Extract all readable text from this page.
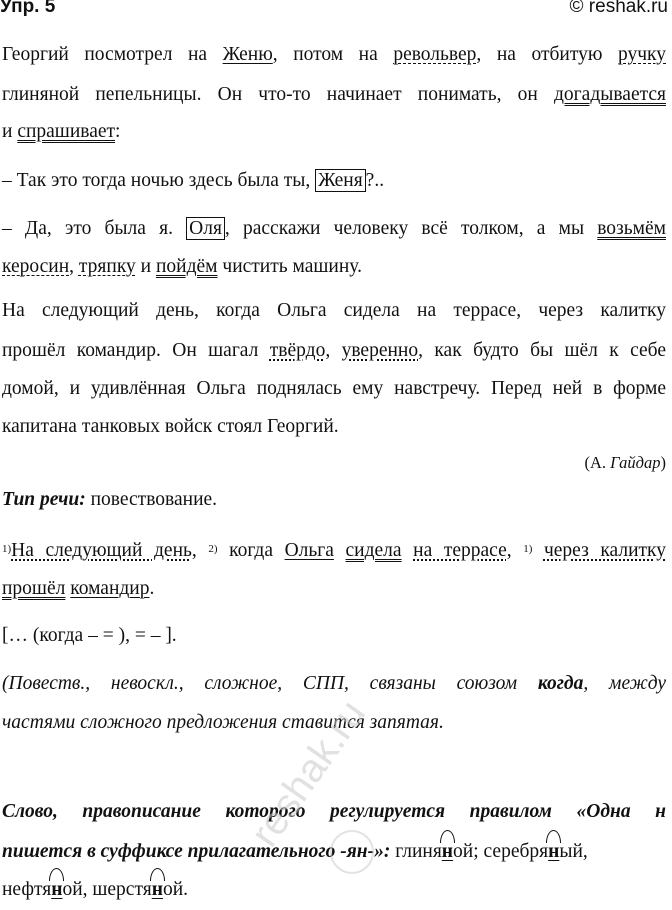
Упр. 5	© reshak.ru
Георгий посмотрел на Женю, потом на револьвер, на отбитую ручку
глиняной пепельницы. Он что-то начинает понимать, он догадывается
и спрашивает:
– Так это тогда ночью здесь была ты, Женя ?..
– Да, это была я. Оля , расскажи человеку всё толком, а мы возьмём
керосин, тряпку и пойдём чистить машину.
На следующий день, когда Ольга сидела на террасе, через калитку
прошёл командир. Он шагал твёрдо, уверенно, как будто бы шёл к себе
домой, и удивлённая Ольга поднялась ему навстречу. Перед ней в форме
капитана танковых войск стоял Георгий.
(А. Гайдар)
Тип речи: повествование.
$^{1)}$На следующий день, $^{2)}$ когда Ольга сидела на террасе, $^{1)}$ через калитку
прошёл командир.
[… (когда – = ), = – ].
(Повеств., невоскл., сложное, СПП, связаны союзом когда, между
частями сложного предложения ставится запятая.
Слово, правописание которого регулируется правилом «Одна н
пишется в суффиксе прилагательного -ян-»: глиняной; серебряный,
нефтяной, шерстяной.
reshak.ru
